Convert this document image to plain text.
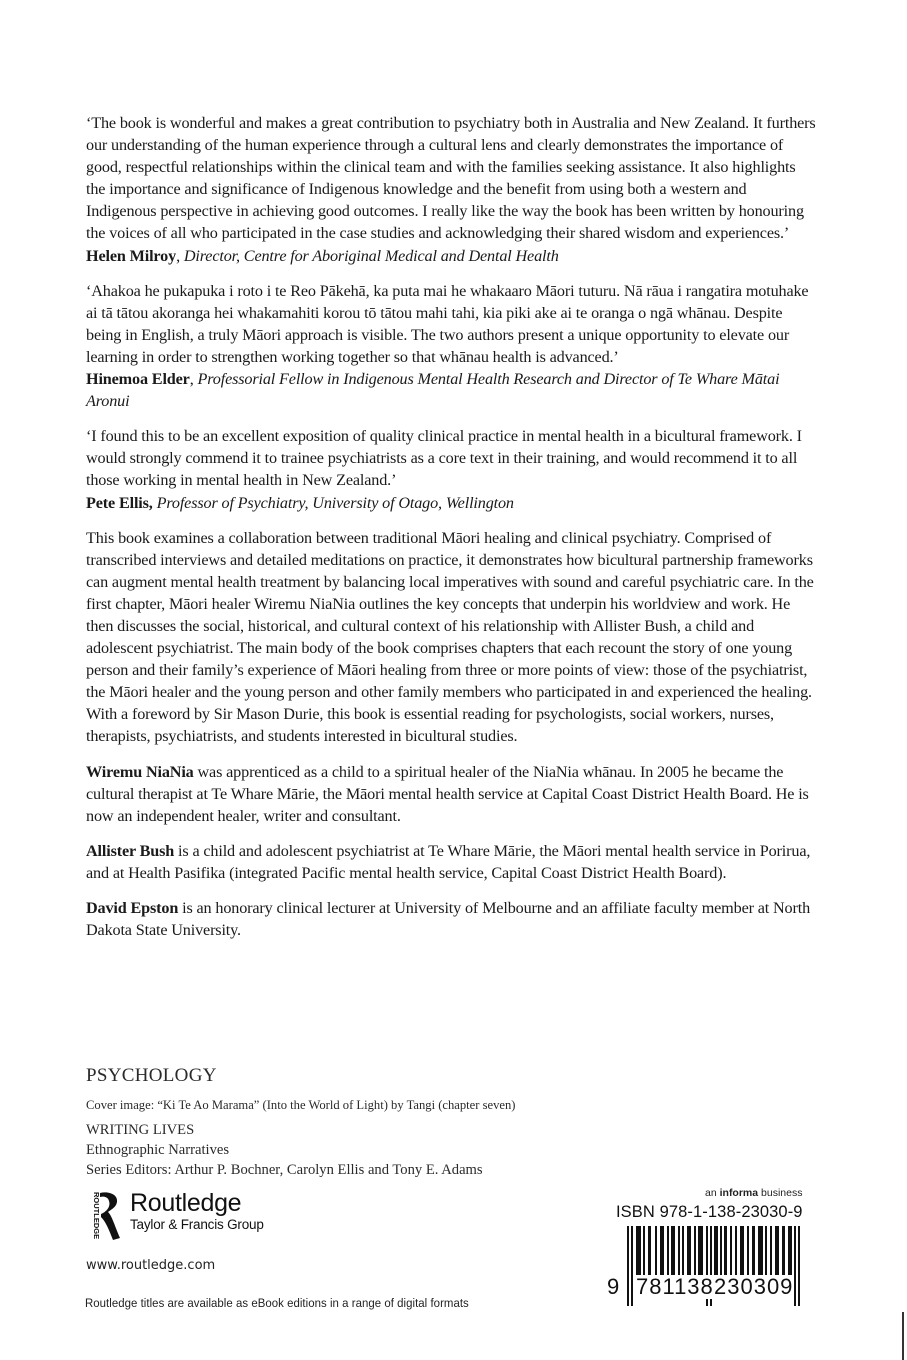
‘The book is wonderful and makes a great contribution to psychiatry both in Australia and New Zealand. It furthers our understanding of the human experience through a cultural lens and clearly demonstrates the importance of good, respectful relationships within the clinical team and with the families seeking assistance. It also highlights the importance and significance of Indigenous knowledge and the benefit from using both a western and Indigenous perspective in achieving good outcomes. I really like the way the book has been written by honouring the voices of all who participated in the case studies and acknowledging their shared wisdom and experiences.’
Helen Milroy, Director, Centre for Aboriginal Medical and Dental Health

‘Ahakoa he pukapuka i roto i te Reo Pākehā, ka puta mai he whakaaro Māori tuturu. Nā rāua i rangatira motuhake ai tā tātou akoranga hei whakamahiti korou tō tātou mahi tahi, kia piki ake ai te oranga o ngā whānau. Despite being in English, a truly Māori approach is visible. The two authors present a unique opportunity to elevate our learning in order to strengthen working together so that whānau health is advanced.’
Hinemoa Elder, Professorial Fellow in Indigenous Mental Health Research and Director of Te Whare Mātai Aronui

‘I found this to be an excellent exposition of quality clinical practice in mental health in a bicultural framework. I would strongly commend it to trainee psychiatrists as a core text in their training, and would recommend it to all those working in mental health in New Zealand.’
Pete Ellis, Professor of Psychiatry, University of Otago, Wellington

This book examines a collaboration between traditional Māori healing and clinical psychiatry. Comprised of transcribed interviews and detailed meditations on practice, it demonstrates how bicultural partnership frameworks can augment mental health treatment by balancing local imperatives with sound and careful psychiatric care. In the first chapter, Māori healer Wiremu NiaNia outlines the key concepts that underpin his worldview and work. He then discusses the social, historical, and cultural context of his relationship with Allister Bush, a child and adolescent psychiatrist. The main body of the book comprises chapters that each recount the story of one young person and their family’s experience of Māori healing from three or more points of view: those of the psychiatrist, the Māori healer and the young person and other family members who participated in and experienced the healing. With a foreword by Sir Mason Durie, this book is essential reading for psychologists, social workers, nurses, therapists, psychiatrists, and students interested in bicultural studies.

Wiremu NiaNia was apprenticed as a child to a spiritual healer of the NiaNia whānau. In 2005 he became the cultural therapist at Te Whare Mārie, the Māori mental health service at Capital Coast District Health Board. He is now an independent healer, writer and consultant.

Allister Bush is a child and adolescent psychiatrist at Te Whare Mārie, the Māori mental health service in Porirua, and at Health Pasifika (integrated Pacific mental health service, Capital Coast District Health Board).

David Epston is an honorary clinical lecturer at University of Melbourne and an affiliate faculty member at North Dakota State University.

PSYCHOLOGY
Cover image: “Ki Te Ao Marama” (Into the World of Light) by Tangi (chapter seven)
WRITING LIVES
Ethnographic Narratives
Series Editors: Arthur P. Bochner, Carolyn Ellis and Tony E. Adams
ROUTLEDGE Routledge
Taylor & Francis Group
www.routledge.com
Routledge titles are available as eBook editions in a range of digital formats
an informa business
ISBN 978-1-138-23030-9
9 781138 230309
